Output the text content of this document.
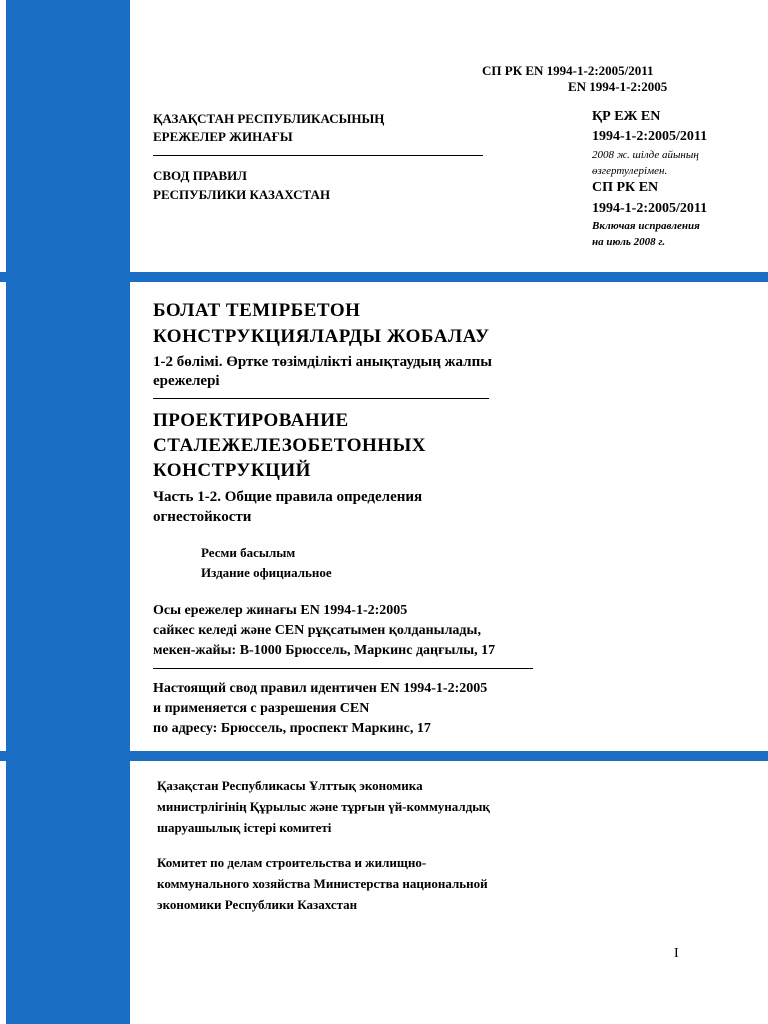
СП РК EN 1994-1-2:2005/2011
EN 1994-1-2:2005
ҚАЗАҚСТАН РЕСПУБЛИКАСЫНЫҢ
ЕРЕЖЕЛЕР ЖИНАҒЫ
СВОД ПРАВИЛ
РЕСПУБЛИКИ КАЗАХСТАН
ҚР ЕЖ EN
1994-1-2:2005/2011
2008 ж. шілде айының
өзгертулерімен.
СП РК EN
1994-1-2:2005/2011
Включая исправления
на июль 2008 г.
БОЛАТ ТЕМІРБЕТОН
КОНСТРУКЦИЯЛАРДЫ ЖОБАЛАУ
1-2 бөлімі. Өртке төзімділікті анықтаудың жалпы
ережелері
ПРОЕКТИРОВАНИЕ
СТАЛЕЖЕЛЕЗОБЕТОННЫХ
КОНСТРУКЦИЙ
Часть 1-2. Общие правила определения
огнестойкости
Ресми басылым
Издание официальное
Осы ережелер жинағы EN 1994-1-2:2005
сайкес келеді және CEN рұқсатымен қолданылады,
мекен-жайы: B-1000 Брюссель, Маркинс даңғылы, 17
Настоящий свод правил идентичен EN 1994-1-2:2005
и применяется с разрешения CEN
по адресу: Брюссель, проспект Маркинс, 17
Қазақстан Республикасы Ұлттық экономика
министрлігінің Құрылыс және тұрғын үй-коммуналдық
шаруашылық істері комитеті
Комитет по делам строительства и жилищно-
коммунального хозяйства Министерства национальной
экономики Республики Казахстан
I
